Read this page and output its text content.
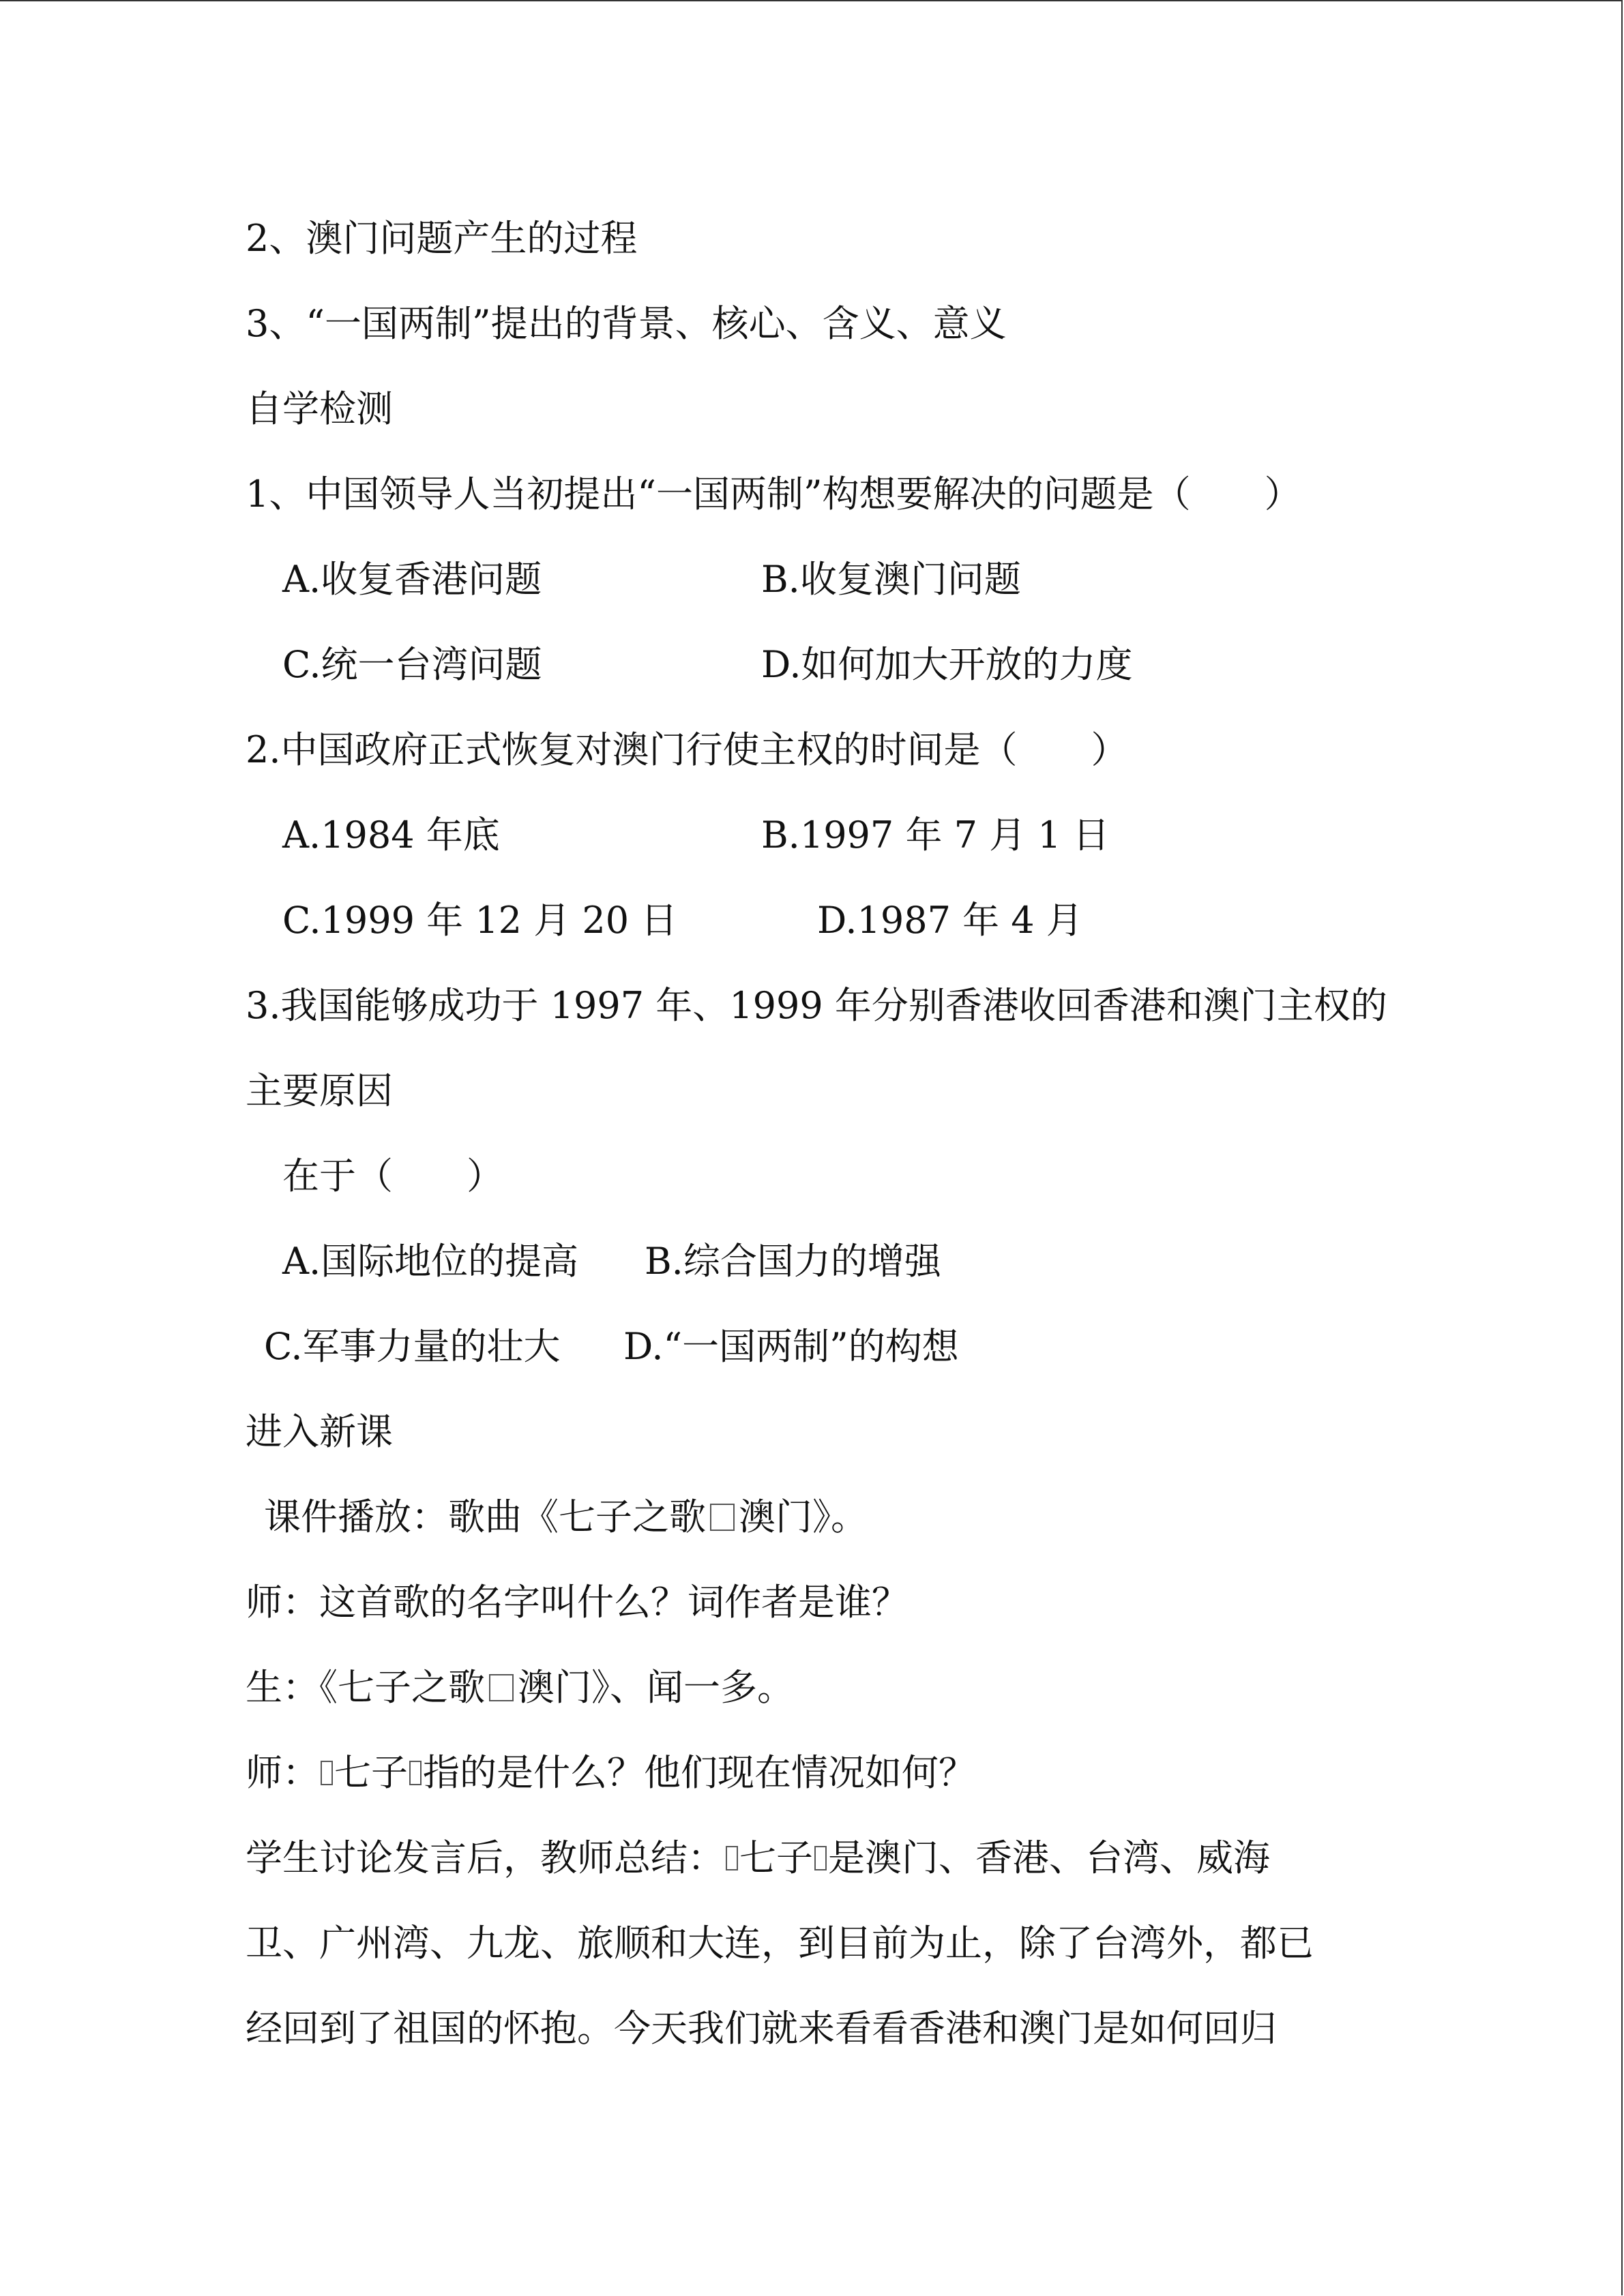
2、澳门问题产生的过程
3、“一国两制”提出的背景、核心、含义、意义
自学检测
1、中国领导人当初提出“一国两制”构想要解决的问题是（　　）
A.收复香港问题	B.收复澳门问题
C.统一台湾问题	D.如何加大开放的力度
2.中国政府正式恢复对澳门行使主权的时间是（　　）
A.1984 年底	B.1997 年 7 月 1 日
C.1999 年 12 月 20 日	D.1987 年 4 月
3.我国能够成功于 1997 年、1999 年分别香港收回香港和澳门主权的
主要原因
在于（　　）
A.国际地位的提高 B.综合国力的增强
C.军事力量的壮大 D.“一国两制”的构想
进入新课
课件播放：歌曲《七子之歌 澳门》。
师：这首歌的名字叫什么？词作者是谁？
生：《七子之歌 澳门》、闻一多。
师： 七子 指的是什么？他们现在情况如何？
学生讨论发言后，教师总结： 七子 是澳门、香港、台湾、威海
卫、广州湾、九龙、旅顺和大连，到目前为止，除了台湾外，都已
经回到了祖国的怀抱。今天我们就来看看香港和澳门是如何回归
